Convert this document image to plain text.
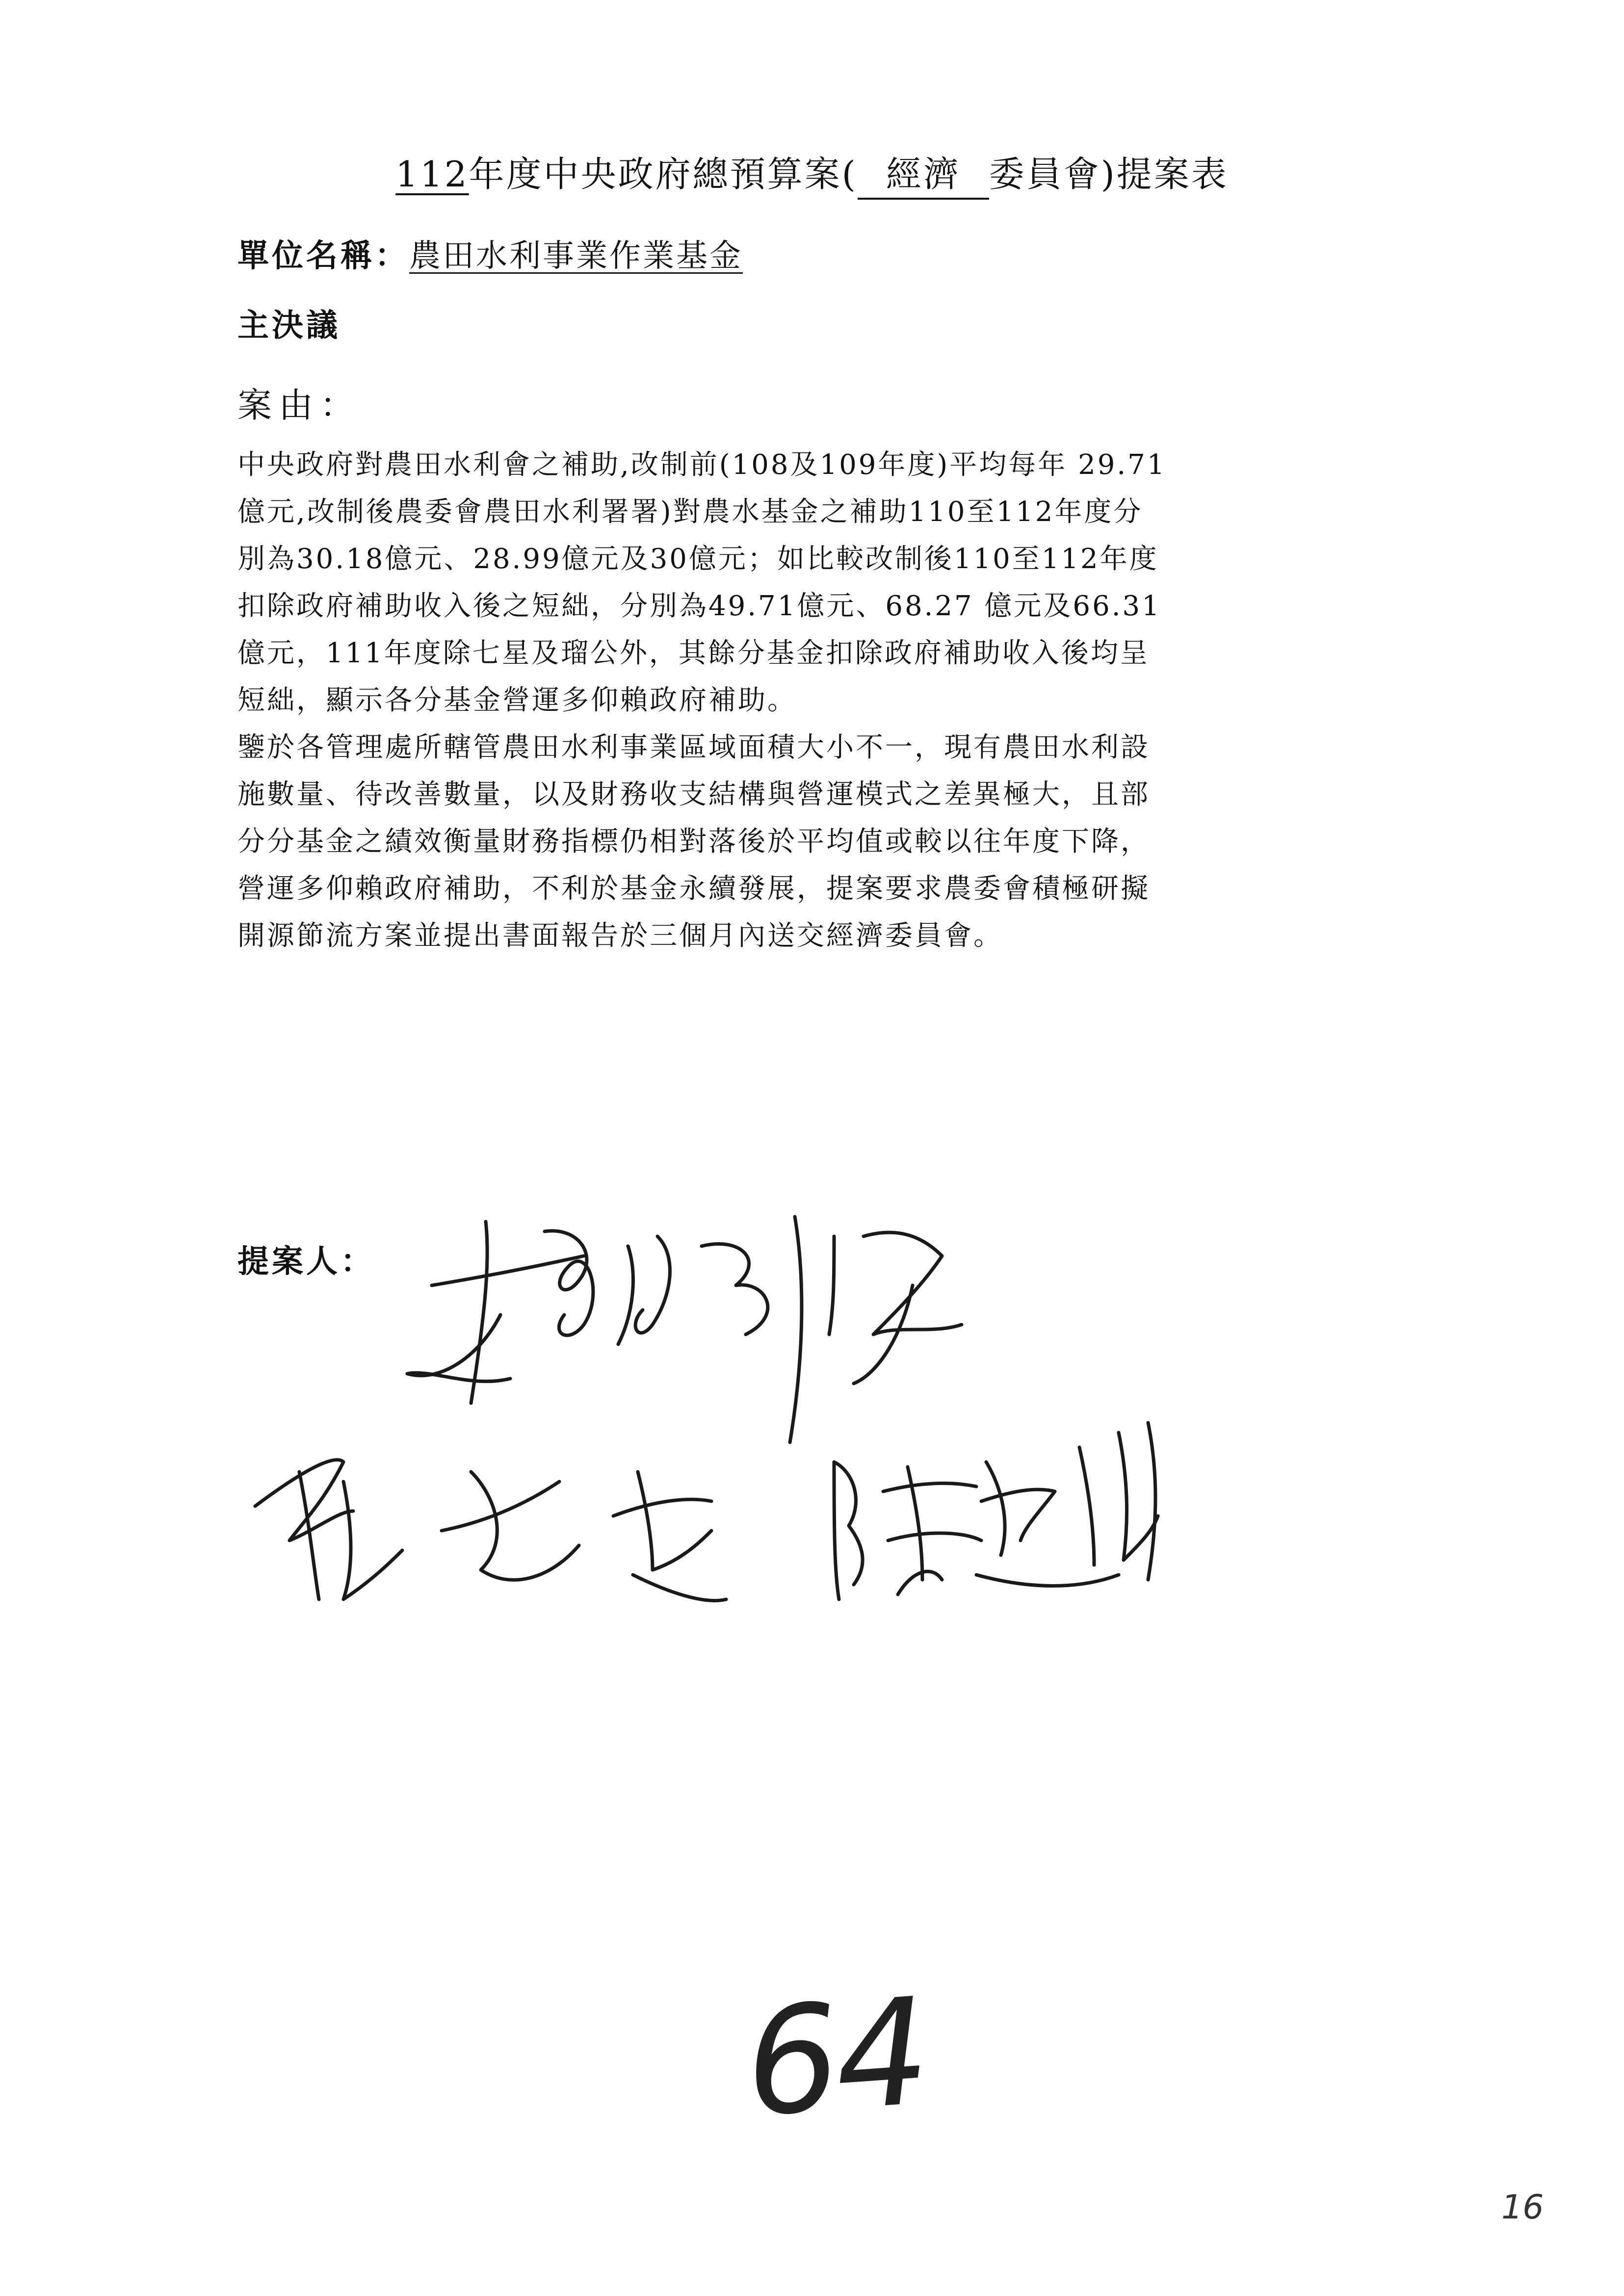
112年度中央政府總預算案( 經濟 委員會)提案表
單位名稱：農田水利事業作業基金
主決議
案由：

中央政府對農田水利會之補助,改制前(108及109年度)平均每年 29.71
億元,改制後農委會農田水利署署)對農水基金之補助110至112年度分
別為30.18億元、28.99億元及30億元；如比較改制後110至112年度
扣除政府補助收入後之短絀，分別為49.71億元、68.27 億元及66.31
億元，111年度除七星及瑠公外，其餘分基金扣除政府補助收入後均呈
短絀，顯示各分基金營運多仰賴政府補助。

鑒於各管理處所轄管農田水利事業區域面積大小不一，現有農田水利設
施數量、待改善數量，以及財務收支結構與營運模式之差異極大，且部
分分基金之績效衡量財務指標仍相對落後於平均值或較以往年度下降，
營運多仰賴政府補助，不利於基金永續發展，提案要求農委會積極研擬
開源節流方案並提出書面報告於三個月內送交經濟委員會。

提案人：
64
16
